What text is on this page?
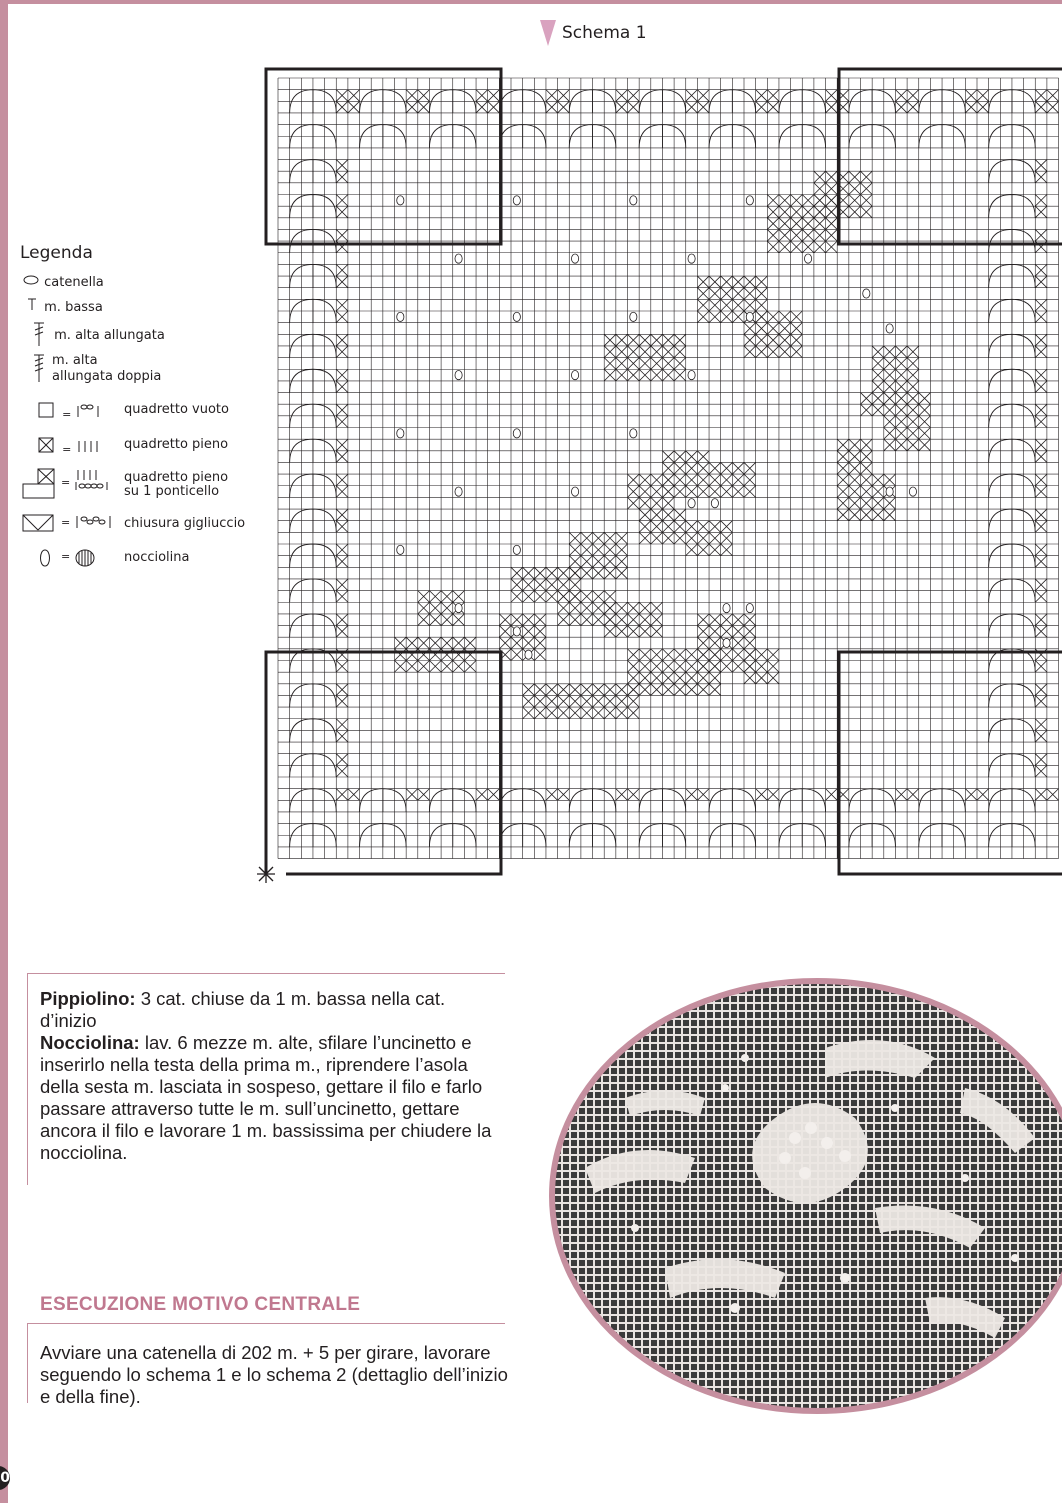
0
Schema 1
Legenda
catenella
m. bassa
m. alta allungata
m. alta
allungata doppia
=	quadretto vuoto
=	quadretto pieno
=	quadretto pieno
su 1 ponticello
=	chiusura gigliuccio
=	nocciolina
Pippiolino: 3 cat. chiuse da 1 m. bassa nella cat. d’inizio
Nocciolina: lav. 6 mezze m. alte, sfilare l’uncinetto e inserirlo nella testa della prima m., riprendere l’asola della sesta m. lasciata in sospeso, gettare il filo e farlo passare attraverso tutte le m. sull’uncinetto, gettare ancora il filo e lavorare 1 m. bassissima per chiudere la nocciolina.
ESECUZIONE MOTIVO CENTRALE
Avviare una catenella di 202 m. + 5 per girare, lavorare seguendo lo schema 1 e lo schema 2 (dettaglio dell’inizio e della fine).
